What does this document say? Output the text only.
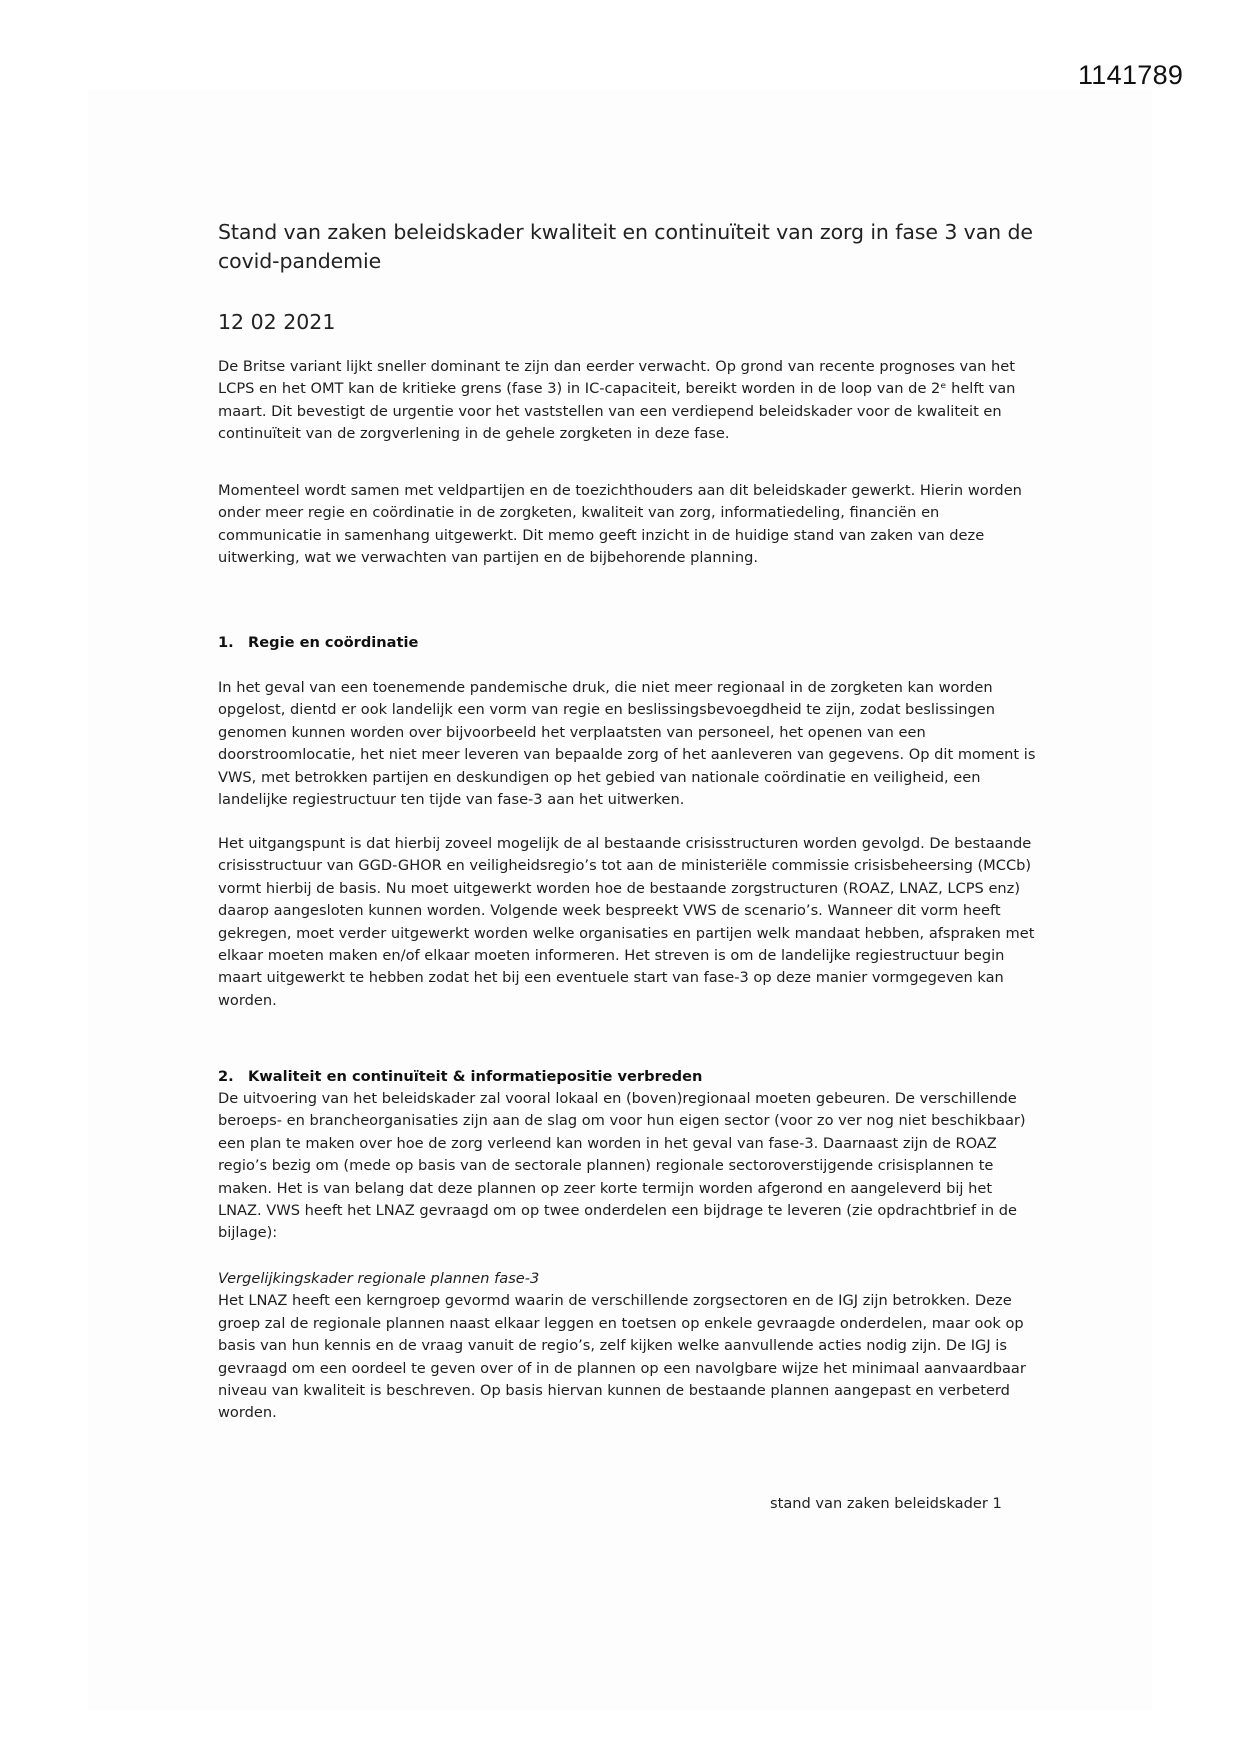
1141789
Stand van zaken beleidskader kwaliteit en continuïteit van zorg in fase 3 van de covid-pandemie
12 02 2021

De Britse variant lijkt sneller dominant te zijn dan eerder verwacht. Op grond van recente prognoses van het LCPS en het OMT kan de kritieke grens (fase 3) in IC-capaciteit, bereikt worden in de loop van de 2ᵉ helft van maart. Dit bevestigt de urgentie voor het vaststellen van een verdiepend beleidskader voor de kwaliteit en continuïteit van de zorgverlening in de gehele zorgketen in deze fase.

Momenteel wordt samen met veldpartijen en de toezichthouders aan dit beleidskader gewerkt. Hierin worden onder meer regie en coördinatie in de zorgketen, kwaliteit van zorg, informatiedeling, financiën en communicatie in samenhang uitgewerkt. Dit memo geeft inzicht in de huidige stand van zaken van deze uitwerking, wat we verwachten van partijen en de bijbehorende planning.

1. Regie en coördinatie

In het geval van een toenemende pandemische druk, die niet meer regionaal in de zorgketen kan worden opgelost, dientd er ook landelijk een vorm van regie en beslissingsbevoegdheid te zijn, zodat beslissingen genomen kunnen worden over bijvoorbeeld het verplaatsten van personeel, het openen van een doorstroomlocatie, het niet meer leveren van bepaalde zorg of het aanleveren van gegevens. Op dit moment is VWS, met betrokken partijen en deskundigen op het gebied van nationale coördinatie en veiligheid, een landelijke regiestructuur ten tijde van fase-3 aan het uitwerken.

Het uitgangspunt is dat hierbij zoveel mogelijk de al bestaande crisisstructuren worden gevolgd. De bestaande crisisstructuur van GGD-GHOR en veiligheidsregio’s tot aan de ministeriële commissie crisisbeheersing (MCCb) vormt hierbij de basis. Nu moet uitgewerkt worden hoe de bestaande zorgstructuren (ROAZ, LNAZ, LCPS enz) daarop aangesloten kunnen worden. Volgende week bespreekt VWS de scenario’s. Wanneer dit vorm heeft gekregen, moet verder uitgewerkt worden welke organisaties en partijen welk mandaat hebben, afspraken met elkaar moeten maken en/of elkaar moeten informeren. Het streven is om de landelijke regiestructuur begin maart uitgewerkt te hebben zodat het bij een eventuele start van fase-3 op deze manier vormgegeven kan worden.

2. Kwaliteit en continuïteit & informatiepositie verbreden

De uitvoering van het beleidskader zal vooral lokaal en (boven)regionaal moeten gebeuren. De verschillende beroeps- en brancheorganisaties zijn aan de slag om voor hun eigen sector (voor zo ver nog niet beschikbaar) een plan te maken over hoe de zorg verleend kan worden in het geval van fase-3. Daarnaast zijn de ROAZ regio’s bezig om (mede op basis van de sectorale plannen) regionale sectoroverstijgende crisisplannen te maken. Het is van belang dat deze plannen op zeer korte termijn worden afgerond en aangeleverd bij het LNAZ. VWS heeft het LNAZ gevraagd om op twee onderdelen een bijdrage te leveren (zie opdrachtbrief in de bijlage):

Vergelijkingskader regionale plannen fase-3

Het LNAZ heeft een kerngroep gevormd waarin de verschillende zorgsectoren en de IGJ zijn betrokken. Deze groep zal de regionale plannen naast elkaar leggen en toetsen op enkele gevraagde onderdelen, maar ook op basis van hun kennis en de vraag vanuit de regio’s, zelf kijken welke aanvullende acties nodig zijn. De IGJ is gevraagd om een oordeel te geven over of in de plannen op een navolgbare wijze het minimaal aanvaardbaar niveau van kwaliteit is beschreven. Op basis hiervan kunnen de bestaande plannen aangepast en verbeterd worden.

stand van zaken beleidskader 1
